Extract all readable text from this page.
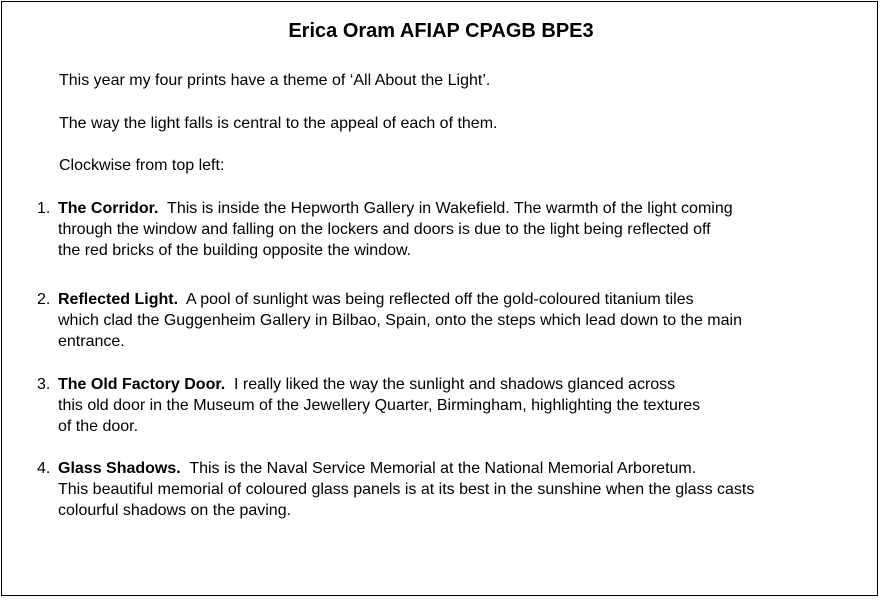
Erica Oram AFIAP CPAGB BPE3
This year my four prints have a theme of ‘All About the Light’.
The way the light falls is central to the appeal of each of them.
Clockwise from top left:
1. The Corridor.  This is inside the Hepworth Gallery in Wakefield. The warmth of the light coming
through the window and falling on the lockers and doors is due to the light being reflected off
the red bricks of the building opposite the window.
2. Reflected Light.  A pool of sunlight was being reflected off the gold-coloured titanium tiles
which clad the Guggenheim Gallery in Bilbao, Spain, onto the steps which lead down to the main
entrance.
3. The Old Factory Door.  I really liked the way the sunlight and shadows glanced across
this old door in the Museum of the Jewellery Quarter, Birmingham, highlighting the textures
of the door.
4. Glass Shadows.  This is the Naval Service Memorial at the National Memorial Arboretum.
This beautiful memorial of coloured glass panels is at its best in the sunshine when the glass casts
colourful shadows on the paving.
